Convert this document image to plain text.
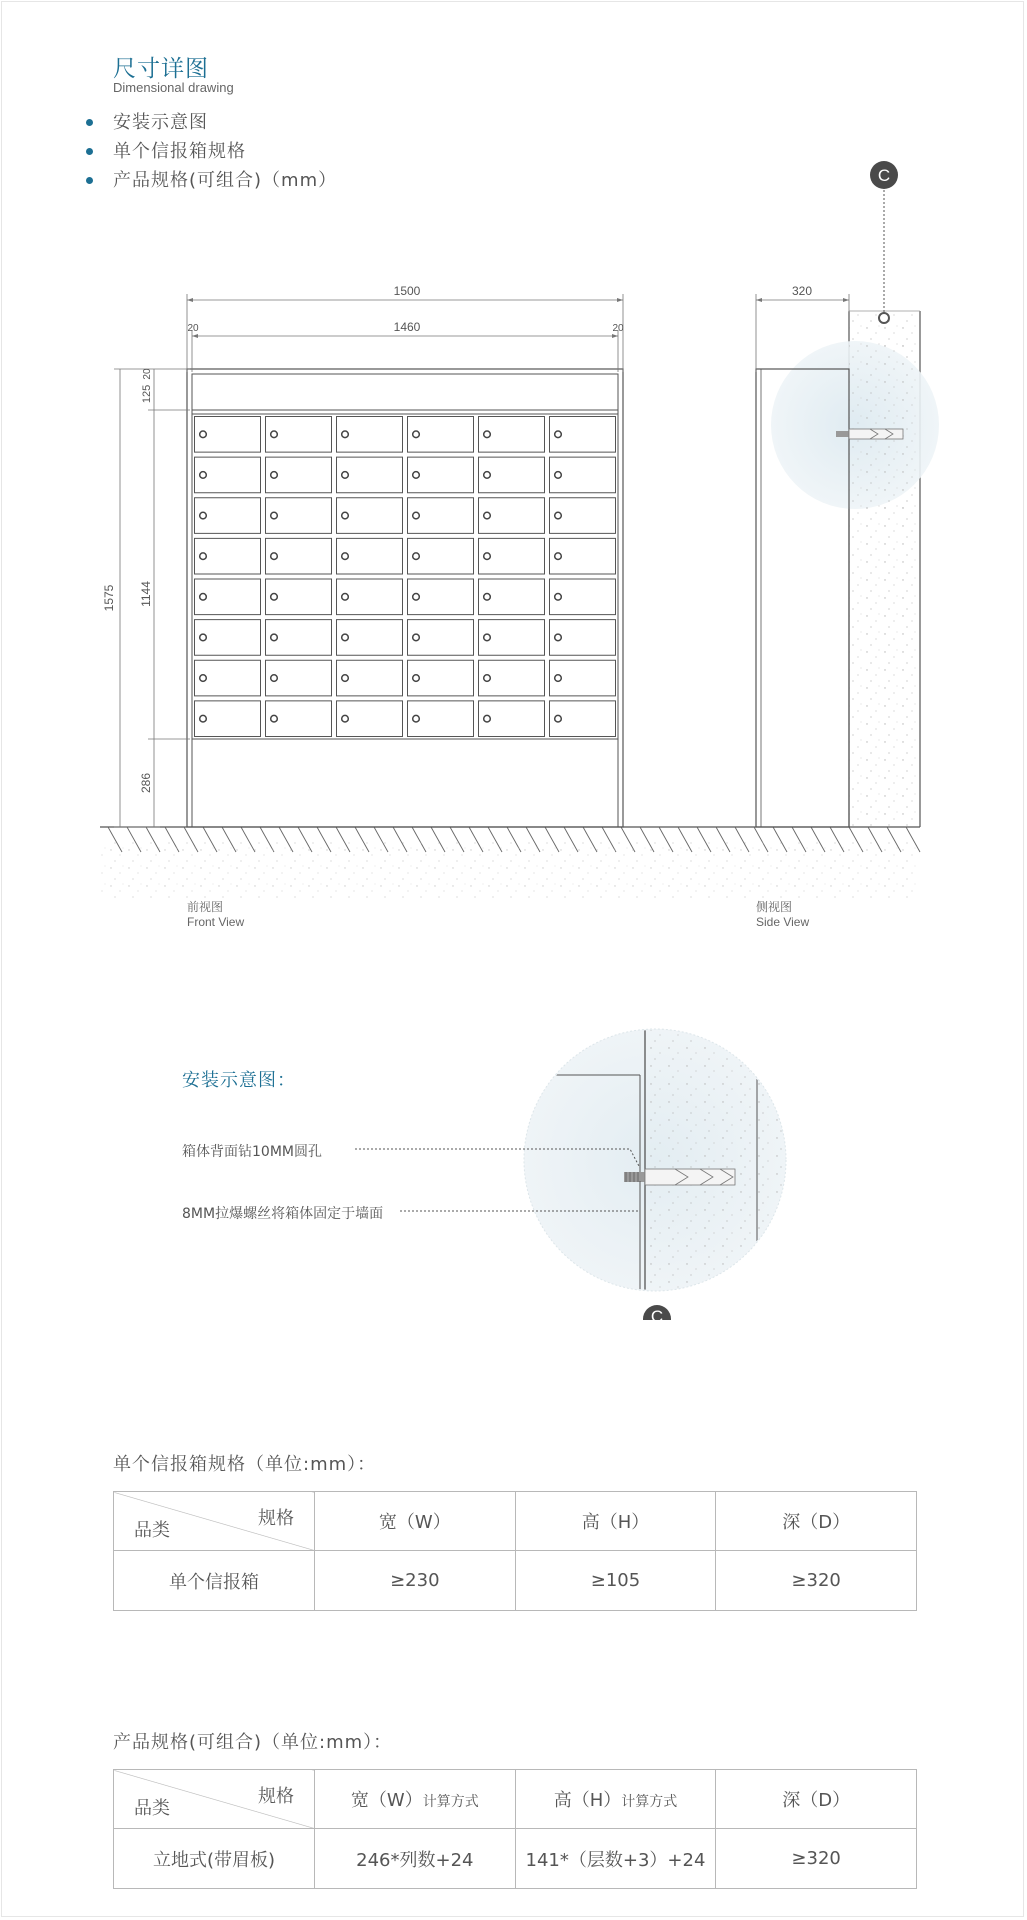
尺寸详图
Dimensional drawing
安装示意图
单个信报箱规格
产品规格(可组合)（mm）	C
1500
1460
20	20
320
1575 1144
286
125
20
前视图
Front View
侧视图
Side View
安装示意图：
箱体背面钻10MM圆孔
8MM拉爆螺丝将箱体固定于墙面
C
单个信报箱规格（单位:mm）：
规格
品类	宽（W）	高（H）	深（D）
单个信报箱	≥230	≥105	≥320
产品规格(可组合)（单位:mm）：
规格
品类	宽（W）计算方式	高（H）计算方式	深（D）
立地式(带眉板)	246*列数+24	141*（层数+3）+24	≥320
